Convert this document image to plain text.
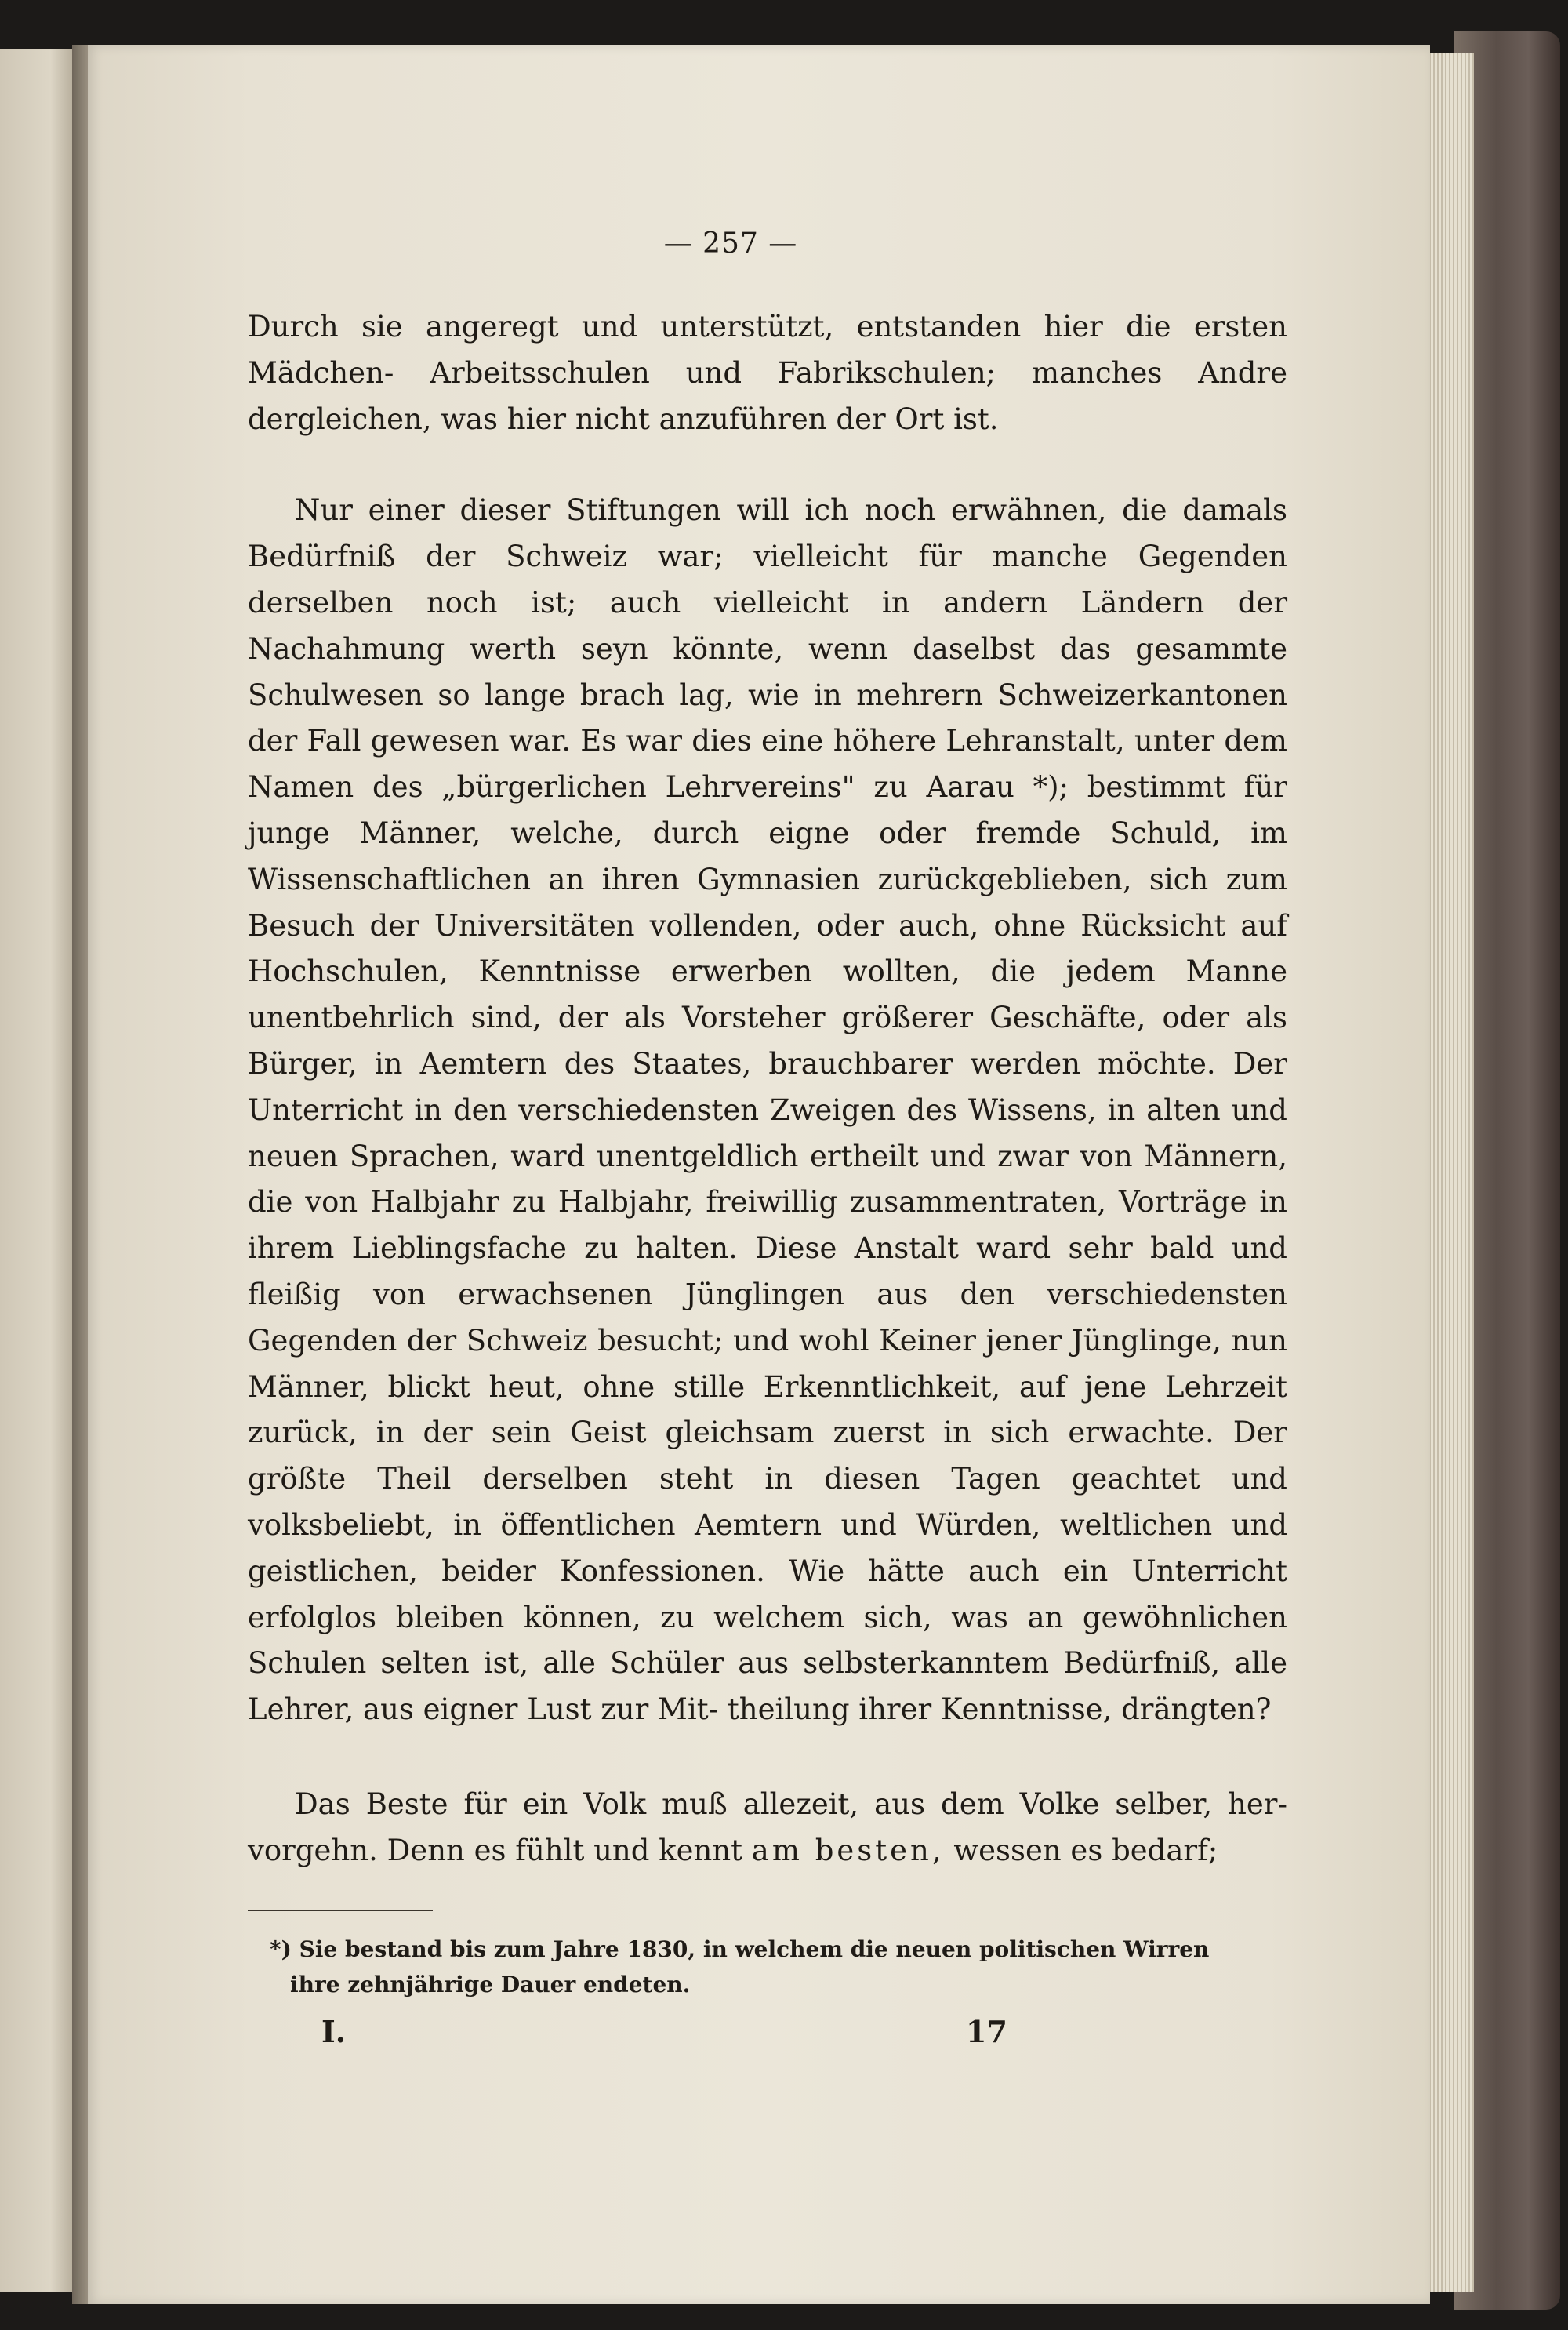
— 257 —

Durch sie angeregt und unterstützt, entstanden hier die ersten Mädchen- Arbeitsschulen und Fabrikschulen; manches Andre dergleichen, was hier nicht anzuführen der Ort ist.

Nur einer dieser Stiftungen will ich noch erwähnen, die damals Bedürfniß der Schweiz war; vielleicht für manche Gegenden derselben noch ist; auch vielleicht in andern Ländern der Nachahmung werth seyn könnte, wenn daselbst das gesammte Schulwesen so lange brach lag, wie in mehrern Schweizerkantonen der Fall gewesen war. Es war dies eine höhere Lehranstalt, unter dem Namen des „bürgerlichen Lehrvereins" zu Aarau *); bestimmt für junge Männer, welche, durch eigne oder fremde Schuld, im Wissenschaftlichen an ihren Gymnasien zurückgeblieben, sich zum Besuch der Universitäten vollenden, oder auch, ohne Rücksicht auf Hochschulen, Kenntnisse erwerben wollten, die jedem Manne unentbehrlich sind, der als Vorsteher größerer Geschäfte, oder als Bürger, in Aemtern des Staates, brauchbarer werden möchte. Der Unterricht in den verschiedensten Zweigen des Wissens, in alten und neuen Sprachen, ward unentgeldlich ertheilt und zwar von Männern, die von Halbjahr zu Halbjahr, freiwillig zusammentraten, Vorträge in ihrem Lieblingsfache zu halten. Diese Anstalt ward sehr bald und fleißig von erwachsenen Jünglingen aus den verschiedensten Gegenden der Schweiz besucht; und wohl Keiner jener Jünglinge, nun Männer, blickt heut, ohne stille Erkenntlichkeit, auf jene Lehrzeit zurück, in der sein Geist gleichsam zuerst in sich erwachte. Der größte Theil derselben steht in diesen Tagen geachtet und volksbeliebt, in öffentlichen Aemtern und Würden, weltlichen und geistlichen, beider Konfessionen. Wie hätte auch ein Unterricht erfolglos bleiben können, zu welchem sich, was an gewöhnlichen Schulen selten ist, alle Schüler aus selbsterkanntem Bedürfniß, alle Lehrer, aus eigner Lust zur Mit- theilung ihrer Kenntnisse, drängten?

Das Beste für ein Volk muß allezeit, aus dem Volke selber, her- vorgehn. Denn es fühlt und kennt am besten, wessen es bedarf;

*) Sie bestand bis zum Jahre 1830, in welchem die neuen politischen Wirren
ihre zehnjährige Dauer endeten.
I.	17
